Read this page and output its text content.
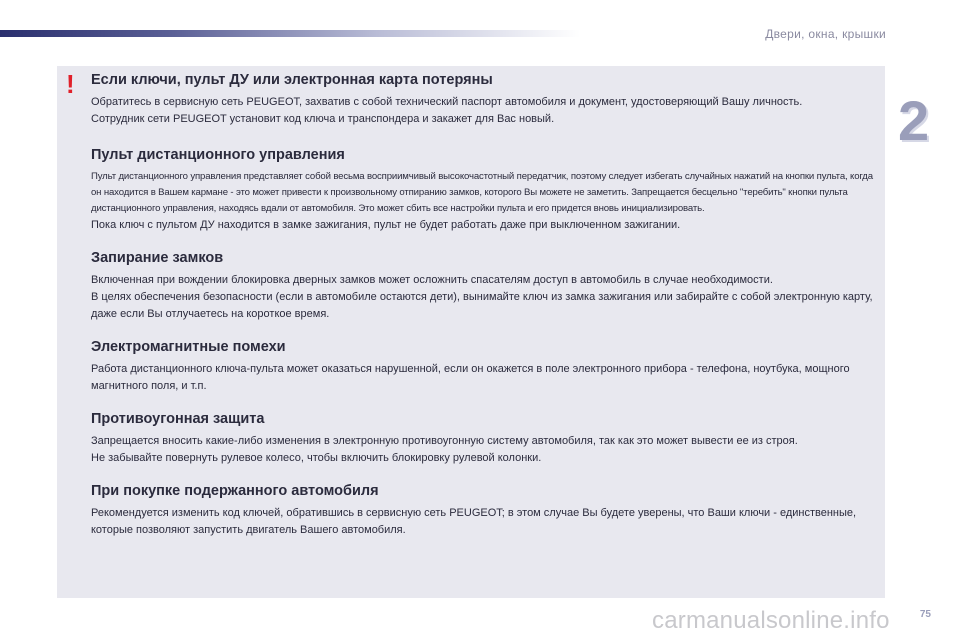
Двери, окна, крышки
2
!	Если ключи, пульт ДУ или электронная карта потеряны

Обратитесь в сервисную сеть PEUGEOT, захватив с собой технический паспорт автомобиля и документ, удостоверяющий Вашу личность.

Сотрудник сети PEUGEOT установит код ключа и транспондера и закажет для Вас новый.

Пульт дистанционного управления

Пульт дистанционного управления представляет собой весьма восприимчивый высокочастотный передатчик, поэтому следует избегать случайных нажатий на кнопки пульта, когда он находится в Вашем кармане - это может привести к произвольному отпиранию замков, которого Вы можете не заметить. Запрещается бесцельно "теребить" кнопки пульта дистанционного управления, находясь вдали от автомобиля. Это может сбить все настройки пульта и его придется вновь инициализировать.

Пока ключ с пультом ДУ находится в замке зажигания, пульт не будет работать даже при выключенном зажигании.

Запирание замков

Включенная при вождении блокировка дверных замков может осложнить спасателям доступ в автомобиль в случае необходимости.

В целях обеспечения безопасности (если в автомобиле остаются дети), вынимайте ключ из замка зажигания или забирайте с собой электронную карту, даже если Вы отлучаетесь на короткое время.

Электромагнитные помехи

Работа дистанционного ключа-пульта может оказаться нарушенной, если он окажется в поле электронного прибора - телефона, ноутбука, мощного магнитного поля, и т.п.

Противоугонная защита

Запрещается вносить какие-либо изменения в электронную противоугонную систему автомобиля, так как это может вывести ее из строя.

Не забывайте повернуть рулевое колесо, чтобы включить блокировку рулевой колонки.

При покупке подержанного автомобиля

Рекомендуется изменить код ключей, обратившись в сервисную сеть PEUGEOT; в этом случае Вы будете уверены, что Ваши ключи - единственные, которые позволяют запустить двигатель Вашего автомобиля.

75
carmanualsonline.info
